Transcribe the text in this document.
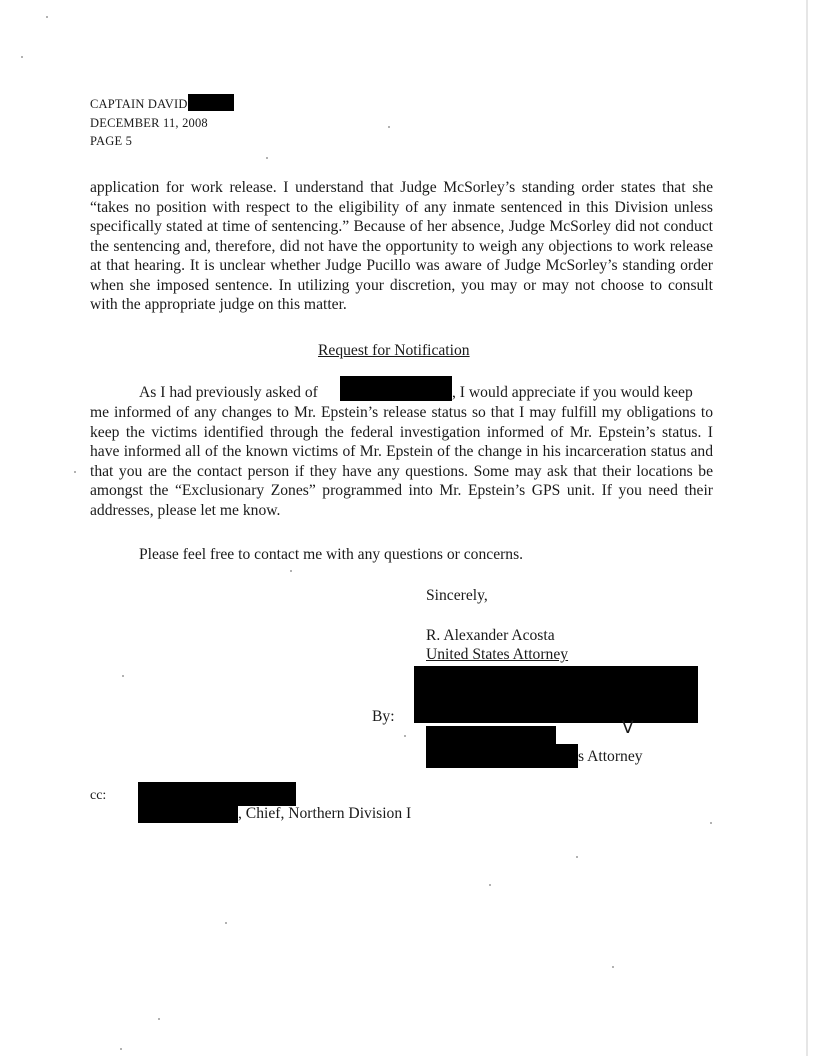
CAPTAIN DAVID
DECEMBER 11, 2008
PAGE 5
application for work release. I understand that Judge McSorley’s standing order states that she “takes no position with respect to the eligibility of any inmate sentenced in this Division unless specifically stated at time of sentencing.” Because of her absence, Judge McSorley did not conduct the sentencing and, therefore, did not have the opportunity to weigh any objections to work release at that hearing. It is unclear whether Judge Pucillo was aware of Judge McSorley’s standing order when she imposed sentence. In utilizing your discretion, you may or may not choose to consult with the appropriate judge on this matter.
Request for Notification
As I had previously asked of	, I would appreciate if you would keep
me informed of any changes to Mr. Epstein’s release status so that I may fulfill my obligations to keep the victims identified through the federal investigation informed of Mr. Epstein’s status. I have informed all of the known victims of Mr. Epstein of the change in his incarceration status and that you are the contact person if they have any questions. Some may ask that their locations be amongst the “Exclusionary Zones” programmed into Mr. Epstein’s GPS unit. If you need their addresses, please let me know.
Please feel free to contact me with any questions or concerns.
Sincerely,
R. Alexander Acosta
United States Attorney
ᐯ
By:
s Attorney
cc:
, Chief, Northern Division I
